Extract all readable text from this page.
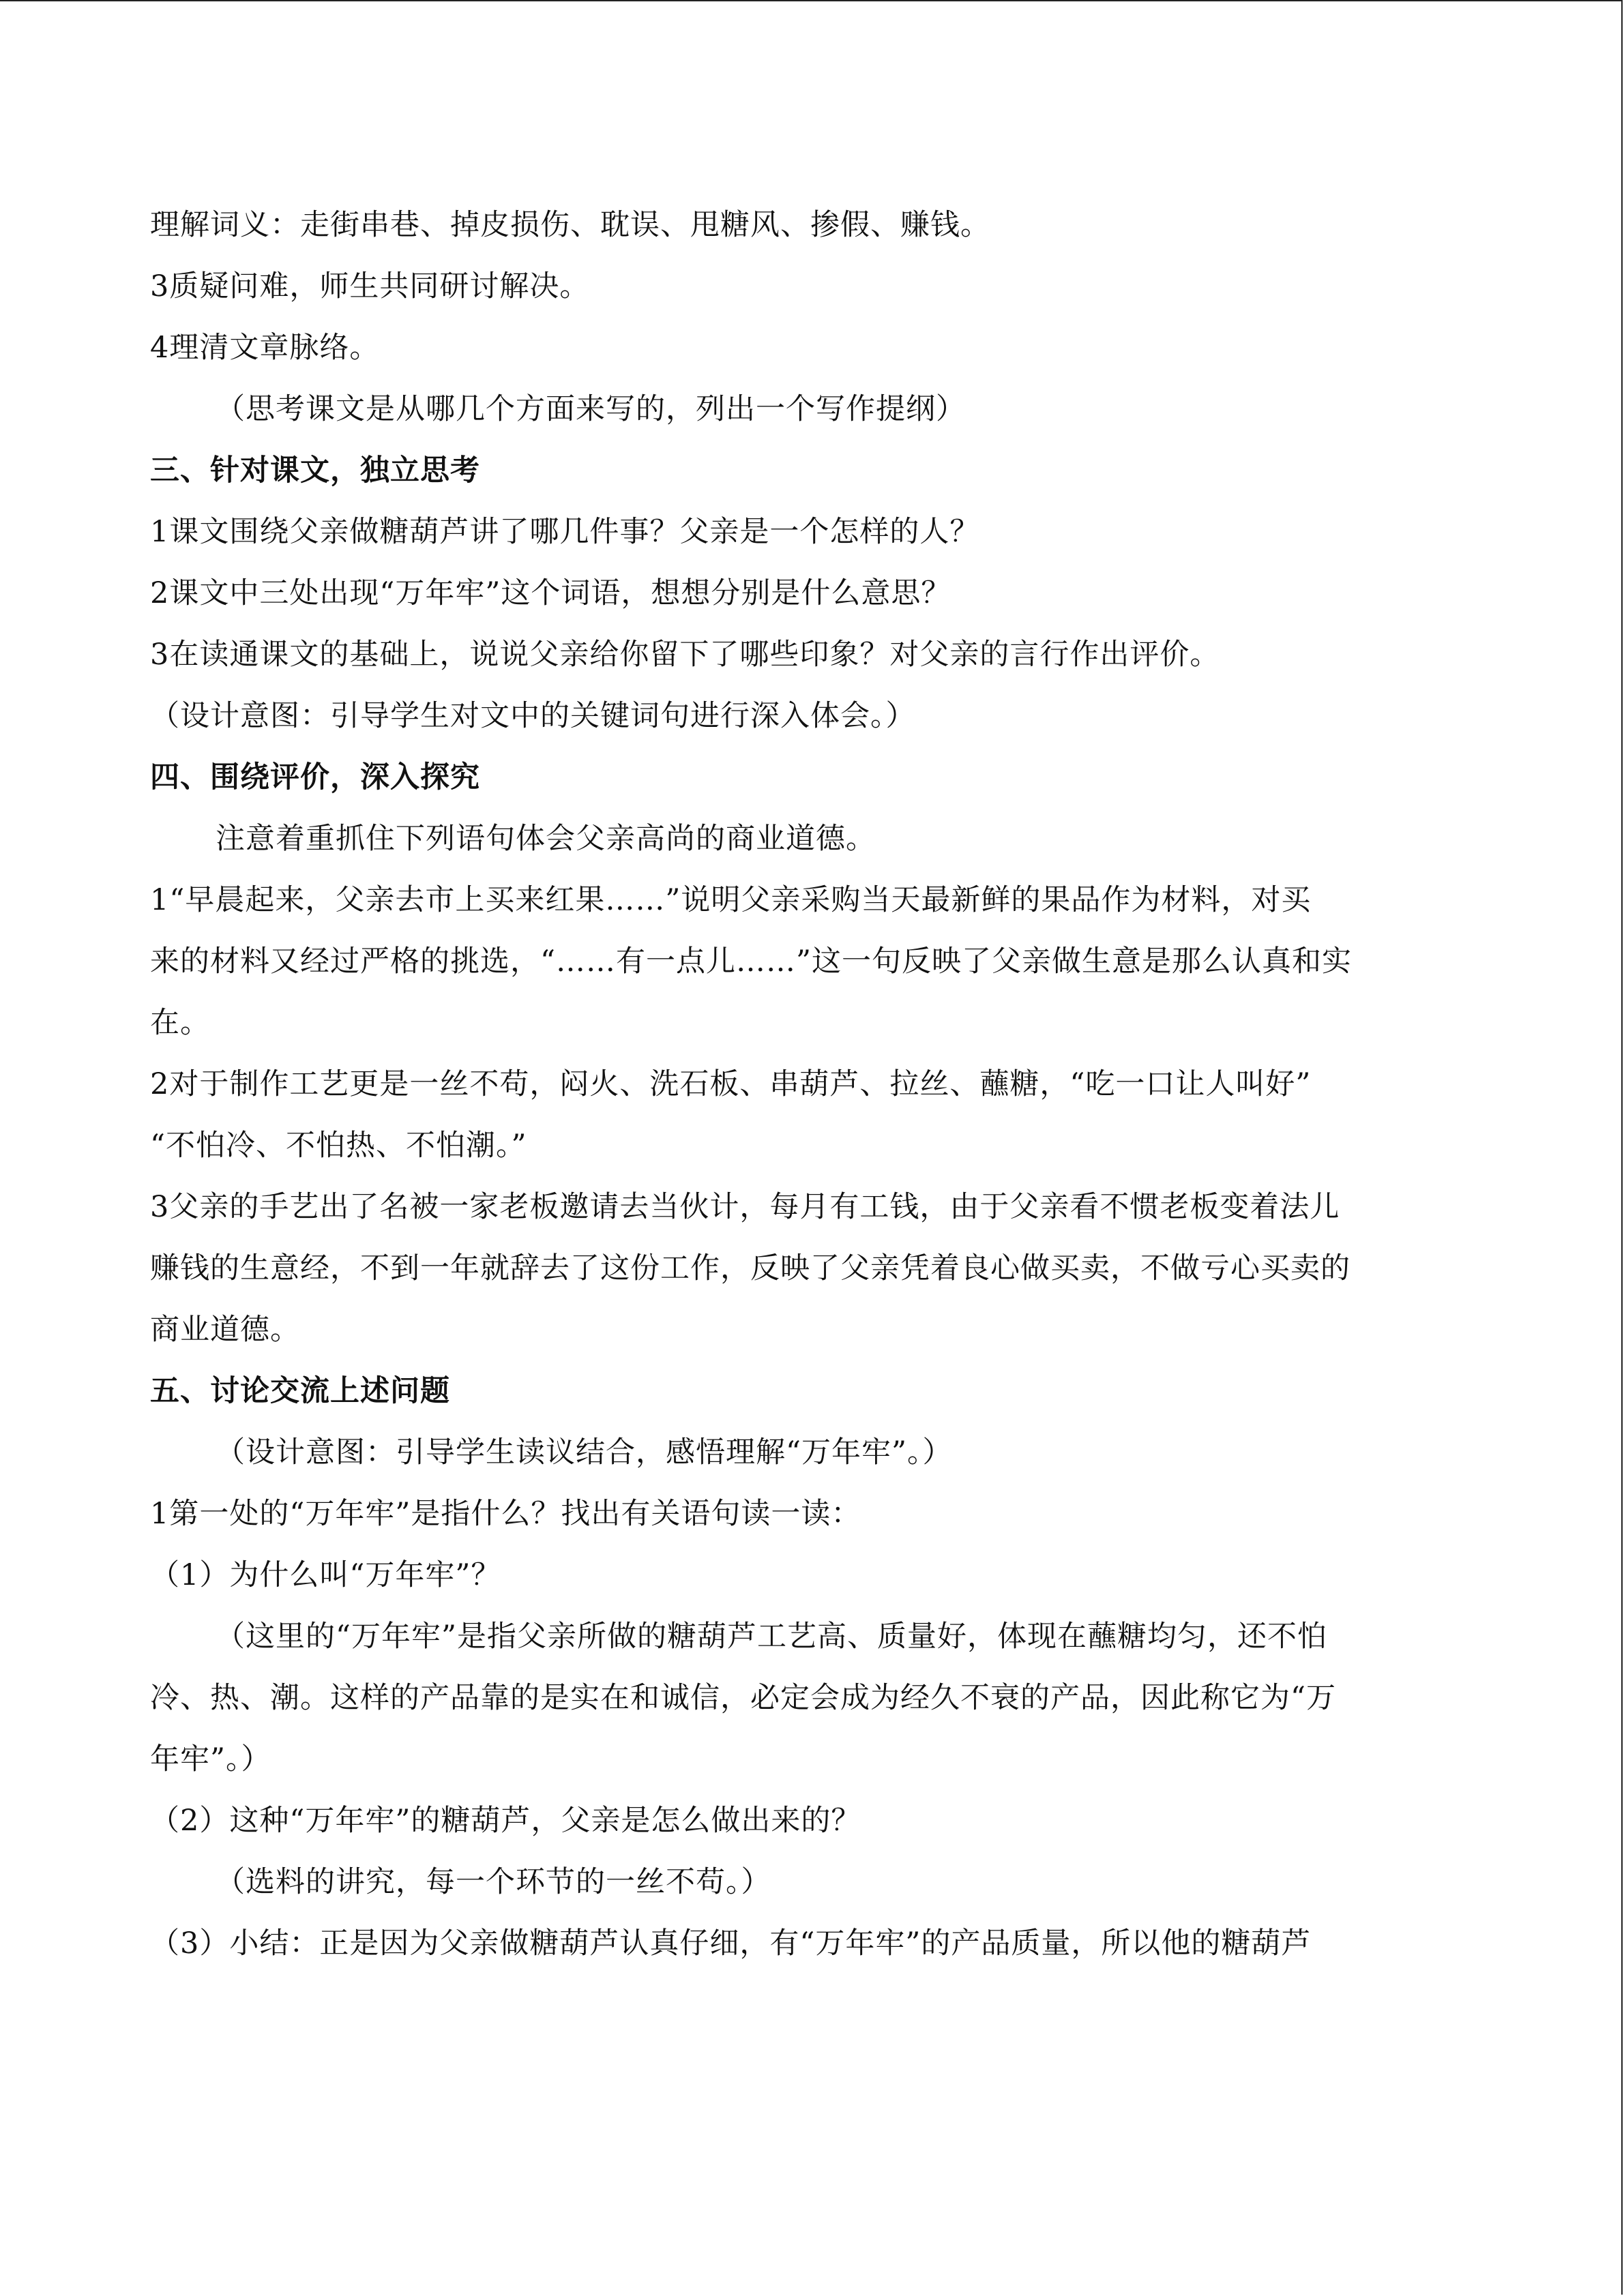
理解词义：走街串巷、掉皮损伤、耽误、甩糖风、掺假、赚钱。
3质疑问难，师生共同研讨解决。
4理清文章脉络。
（思考课文是从哪几个方面来写的，列出一个写作提纲）
三、针对课文，独立思考
1课文围绕父亲做糖葫芦讲了哪几件事？父亲是一个怎样的人？
2课文中三处出现“万年牢”这个词语，想想分别是什么意思？
3在读通课文的基础上，说说父亲给你留下了哪些印象？对父亲的言行作出评价。
（设计意图：引导学生对文中的关键词句进行深入体会。）
四、围绕评价，深入探究
注意着重抓住下列语句体会父亲高尚的商业道德。
1“早晨起来，父亲去市上买来红果……”说明父亲采购当天最新鲜的果品作为材料，对买
来的材料又经过严格的挑选，“……有一点儿……”这一句反映了父亲做生意是那么认真和实
在。
2对于制作工艺更是一丝不苟，闷火、洗石板、串葫芦、拉丝、蘸糖，“吃一口让人叫好”
“不怕冷、不怕热、不怕潮。”
3父亲的手艺出了名被一家老板邀请去当伙计，每月有工钱，由于父亲看不惯老板变着法儿
赚钱的生意经，不到一年就辞去了这份工作，反映了父亲凭着良心做买卖，不做亏心买卖的
商业道德。
五、讨论交流上述问题
（设计意图：引导学生读议结合，感悟理解“万年牢”。）
1第一处的“万年牢”是指什么？找出有关语句读一读：
（1）为什么叫“万年牢”？
（这里的“万年牢”是指父亲所做的糖葫芦工艺高、质量好，体现在蘸糖均匀，还不怕
冷、热、潮。这样的产品靠的是实在和诚信，必定会成为经久不衰的产品，因此称它为“万
年牢”。）
（2）这种“万年牢”的糖葫芦，父亲是怎么做出来的？
（选料的讲究，每一个环节的一丝不苟。）
（3）小结：正是因为父亲做糖葫芦认真仔细，有“万年牢”的产品质量，所以他的糖葫芦
